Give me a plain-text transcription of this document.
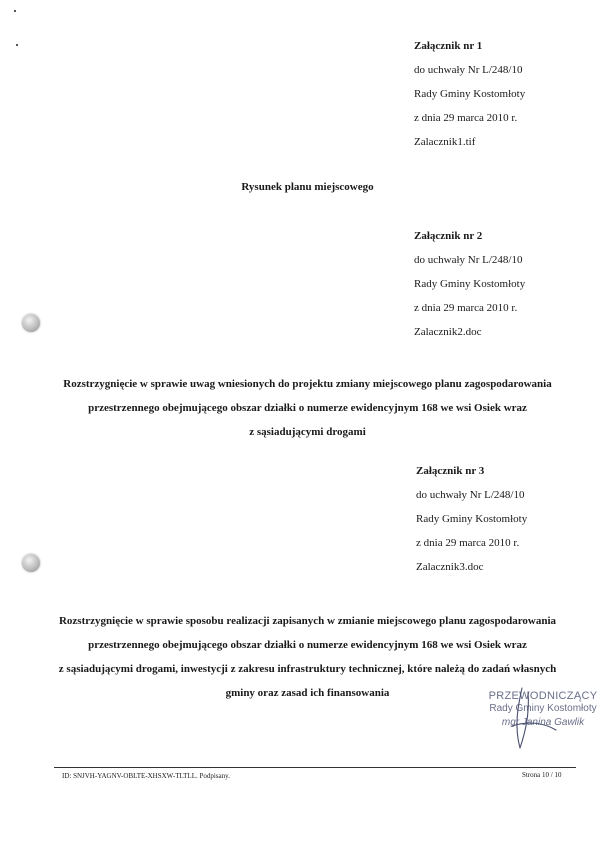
Załącznik nr 1
do uchwały Nr L/248/10
Rady Gminy Kostomłoty
z dnia 29 marca 2010 r.
Zalacznik1.tif
Rysunek planu miejscowego
Załącznik nr 2
do uchwały Nr L/248/10
Rady Gminy Kostomłoty
z dnia 29 marca 2010 r.
Zalacznik2.doc
Rozstrzygnięcie w sprawie uwag wniesionych do projektu zmiany miejscowego planu zagospodarowania
przestrzennego obejmującego obszar działki o numerze ewidencyjnym 168 we wsi Osiek wraz
z sąsiadującymi drogami
Załącznik nr 3
do uchwały Nr L/248/10
Rady Gminy Kostomłoty
z dnia 29 marca 2010 r.
Zalacznik3.doc
Rozstrzygnięcie w sprawie sposobu realizacji zapisanych w zmianie miejscowego planu zagospodarowania
przestrzennego obejmującego obszar działki o numerze ewidencyjnym 168 we wsi Osiek wraz
z sąsiadującymi drogami, inwestycji z zakresu infrastruktury technicznej, które należą do zadań własnych
gminy oraz zasad ich finansowania	PRZEWODNICZĄCY
Rady Gminy Kostomłoty
mgr Janina Gawlik
ID: SNJVH-YAGNV-OBLTE-XHSXW-TLTLL. Podpisany.	Strona 10 / 10
